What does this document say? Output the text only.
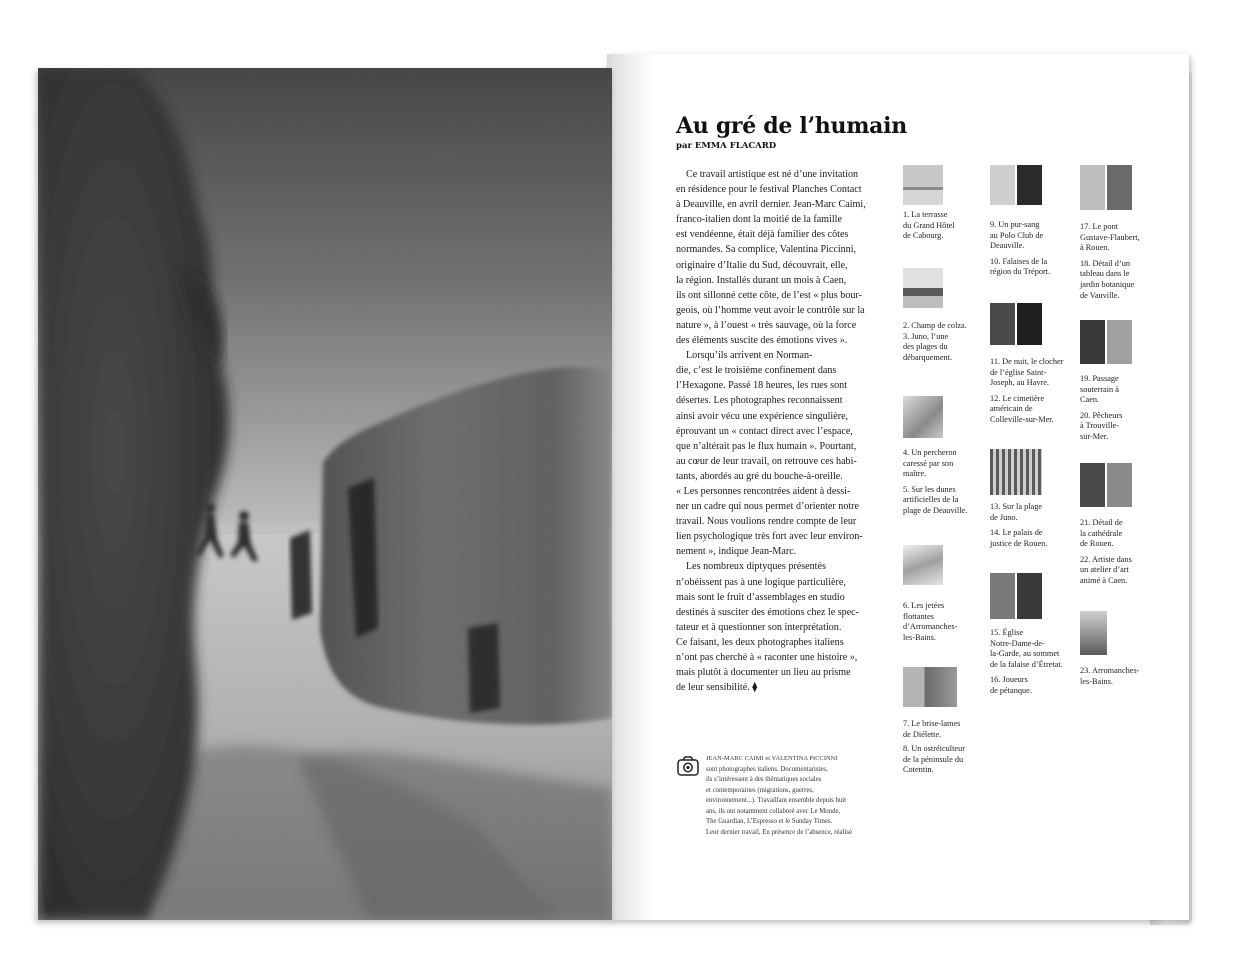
Au gré de l’humain
par EMMA FLACARD
Ce travail artistique est né d’une invitation
en résidence pour le festival Planches Contact
à Deauville, en avril dernier. Jean-Marc Caimi,
franco-italien dont la moitié de la famille
est vendéenne, était déjà familier des côtes
normandes. Sa complice, Valentina Piccinni,
originaire d’Italie du Sud, découvrait, elle,
la région. Installés durant un mois à Caen,
ils ont sillonné cette côte, de l’est « plus bour-
geois, où l’homme veut avoir le contrôle sur la
nature », à l’ouest « très sauvage, où la force
des éléments suscite des émotions vives ».
Lorsqu’ils arrivent en Norman-
die, c’est le troisième confinement dans
l’Hexagone. Passé 18 heures, les rues sont
désertes. Les photographes reconnaissent
ainsi avoir vécu une expérience singulière,
éprouvant un « contact direct avec l’espace,
que n’altérait pas le flux humain ». Pourtant,
au cœur de leur travail, on retrouve ces habi-
tants, abordés au gré du bouche-à-oreille.
« Les personnes rencontrées aident à dessi-
ner un cadre qui nous permet d’orienter notre
travail. Nous voulions rendre compte de leur
lien psychologique très fort avec leur environ-
nement », indique Jean-Marc.
Les nombreux diptyques présentés
n’obéissent pas à une logique particulière,
mais sont le fruit d’assemblages en studio
destinés à susciter des émotions chez le spec-
tateur et à questionner son interprétation.
Ce faisant, les deux photographes italiens
n’ont pas cherché à « raconter une histoire »,
mais plutôt à documenter un lieu au prisme
de leur sensibilité. ⧫
JEAN-MARC CAIMI et VALENTINA PICCINNI
sont photographes italiens. Documentaristes,
ils s’intéressent à des thématiques sociales
et contemporaines (migrations, guerres,
environnement...). Travaillant ensemble depuis huit
ans, ils ont notamment collaboré avec Le Monde,
The Guardian, L’Espresso et le Sunday Times.
Leur dernier travail, En présence de l’absence, réalisé
1. La terrasse
du Grand Hôtel
de Cabourg.
2. Champ de colza.
3. Juno, l’une
des plages du
débarquement.
4. Un percheron
caressé par son
maître.
5. Sur les dunes
artificielles de la
plage de Deauville.
6. Les jetées
flottantes
d’Arromanches-
les-Bains.
7. Le brise-lames
de Diélette.
8. Un ostréiculteur
de la péninsule du
Cotentin.
9. Un pur-sang
au Polo Club de
Deauville.
10. Falaises de la
région du Tréport.
11. De nuit, le clocher
de l’église Saint-
Joseph, au Havre.
12. Le cimetière
américain de
Colleville-sur-Mer.
13. Sur la plage
de Juno.
14. Le palais de
justice de Rouen.
15. Église
Notre-Dame-de-
la-Garde, au sommet
de la falaise d’Étretat.
16. Joueurs
de pétanque.
17. Le pont
Gustave-Flaubert,
à Rouen.
18. Détail d’un
tableau dans le
jardin botanique
de Vauville.
19. Passage
souterrain à
Caen.
20. Pêcheurs
à Trouville-
sur-Mer.
21. Détail de
la cathédrale
de Rouen.
22. Artiste dans
un atelier d’art
animé à Caen.
23. Arromanches-
les-Bains.
